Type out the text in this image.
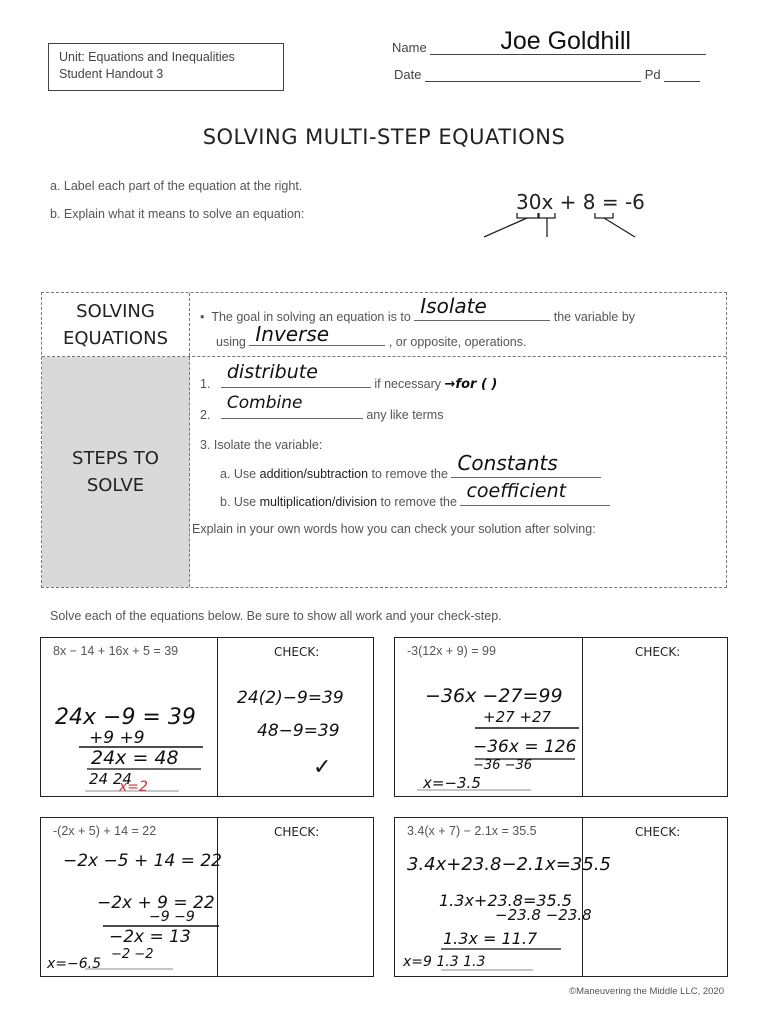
Unit: Equations and Inequalities
Student Handout 3
Name	Joe Goldhill
Date	Pd
SOLVING MULTI-STEP EQUATIONS
a. Label each part of the equation at the right.
b. Explain what it means to solve an equation:	30x + 8 = -6
SOLVING
EQUATIONS
•  The goal in solving an equation is to Isolate	the variable by
using Inverse	, or opposite, operations.
STEPS TO
SOLVE
1.
distribute
if necessary →for ( )
2.
Combine
any like terms
3. Isolate the variable:
a. Use addition/subtraction to remove the Constants
b. Use multiplication/division to remove the coefficient
Explain in your own words how you can check your solution after solving:
Solve each of the equations below. Be sure to show all work and your check-step.
8x − 14 + 16x + 5 = 39	CHECK:
24x −9 = 39
+9 +9
24x = 48
24 24
x=2
24(2)−9=39
48−9=39
✓
-3(12x + 9) = 99	CHECK:
−36x −27=99
+27 +27
−36x = 126
−36 −36
x=−3.5
-(2x + 5) + 14 = 22	CHECK:
−2x −5 + 14 = 22
−2x + 9 = 22
−9 −9
−2x = 13
−2 −2
x=−6.5
3.4(x + 7) − 2.1x = 35.5	CHECK:
3.4x+23.8−2.1x=35.5
1.3x+23.8=35.5
−23.8 −23.8
1.3x = 11.7
x=9 1.3 1.3
©Maneuvering the Middle LLC, 2020
